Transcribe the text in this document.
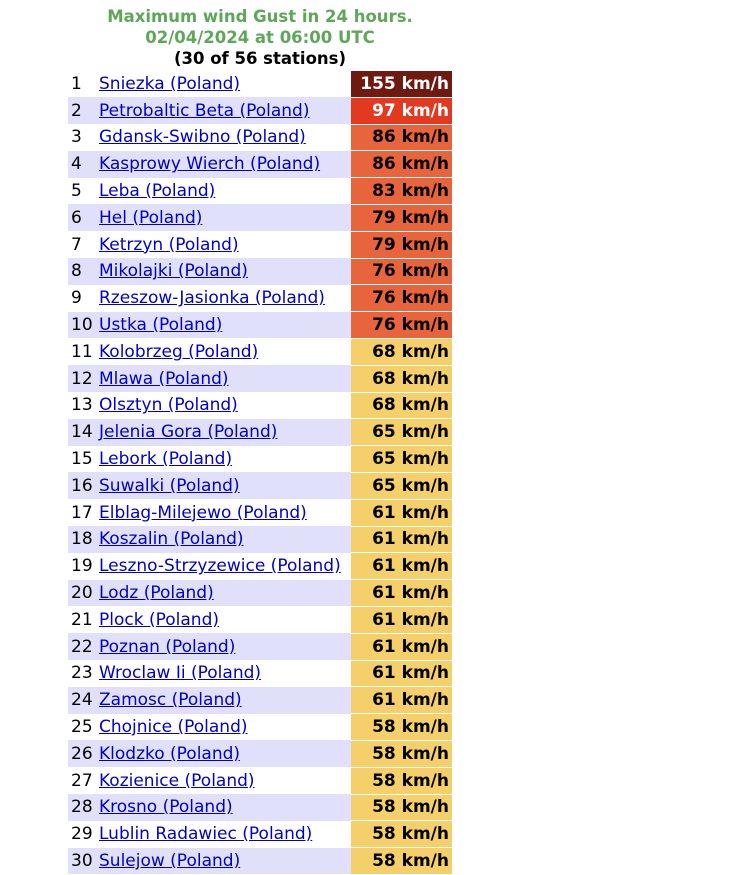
Maximum wind Gust in 24 hours.
02/04/2024 at 06:00 UTC
(30 of 56 stations)
1	Sniezka (Poland)	155 km/h
2	Petrobaltic Beta (Poland)	97 km/h
3	Gdansk-Swibno (Poland)	86 km/h
4	Kasprowy Wierch (Poland)	86 km/h
5	Leba (Poland)	83 km/h
6	Hel (Poland)	79 km/h
7	Ketrzyn (Poland)	79 km/h
8	Mikolajki (Poland)	76 km/h
9	Rzeszow-Jasionka (Poland)	76 km/h
10	Ustka (Poland)	76 km/h
11	Kolobrzeg (Poland)	68 km/h
12	Mlawa (Poland)	68 km/h
13	Olsztyn (Poland)	68 km/h
14	Jelenia Gora (Poland)	65 km/h
15	Lebork (Poland)	65 km/h
16	Suwalki (Poland)	65 km/h
17	Elblag-Milejewo (Poland)	61 km/h
18	Koszalin (Poland)	61 km/h
19	Leszno-Strzyzewice (Poland)	61 km/h
20	Lodz (Poland)	61 km/h
21	Plock (Poland)	61 km/h
22	Poznan (Poland)	61 km/h
23	Wroclaw Ii (Poland)	61 km/h
24	Zamosc (Poland)	61 km/h
25	Chojnice (Poland)	58 km/h
26	Klodzko (Poland)	58 km/h
27	Kozienice (Poland)	58 km/h
28	Krosno (Poland)	58 km/h
29	Lublin Radawiec (Poland)	58 km/h
30	Sulejow (Poland)	58 km/h
